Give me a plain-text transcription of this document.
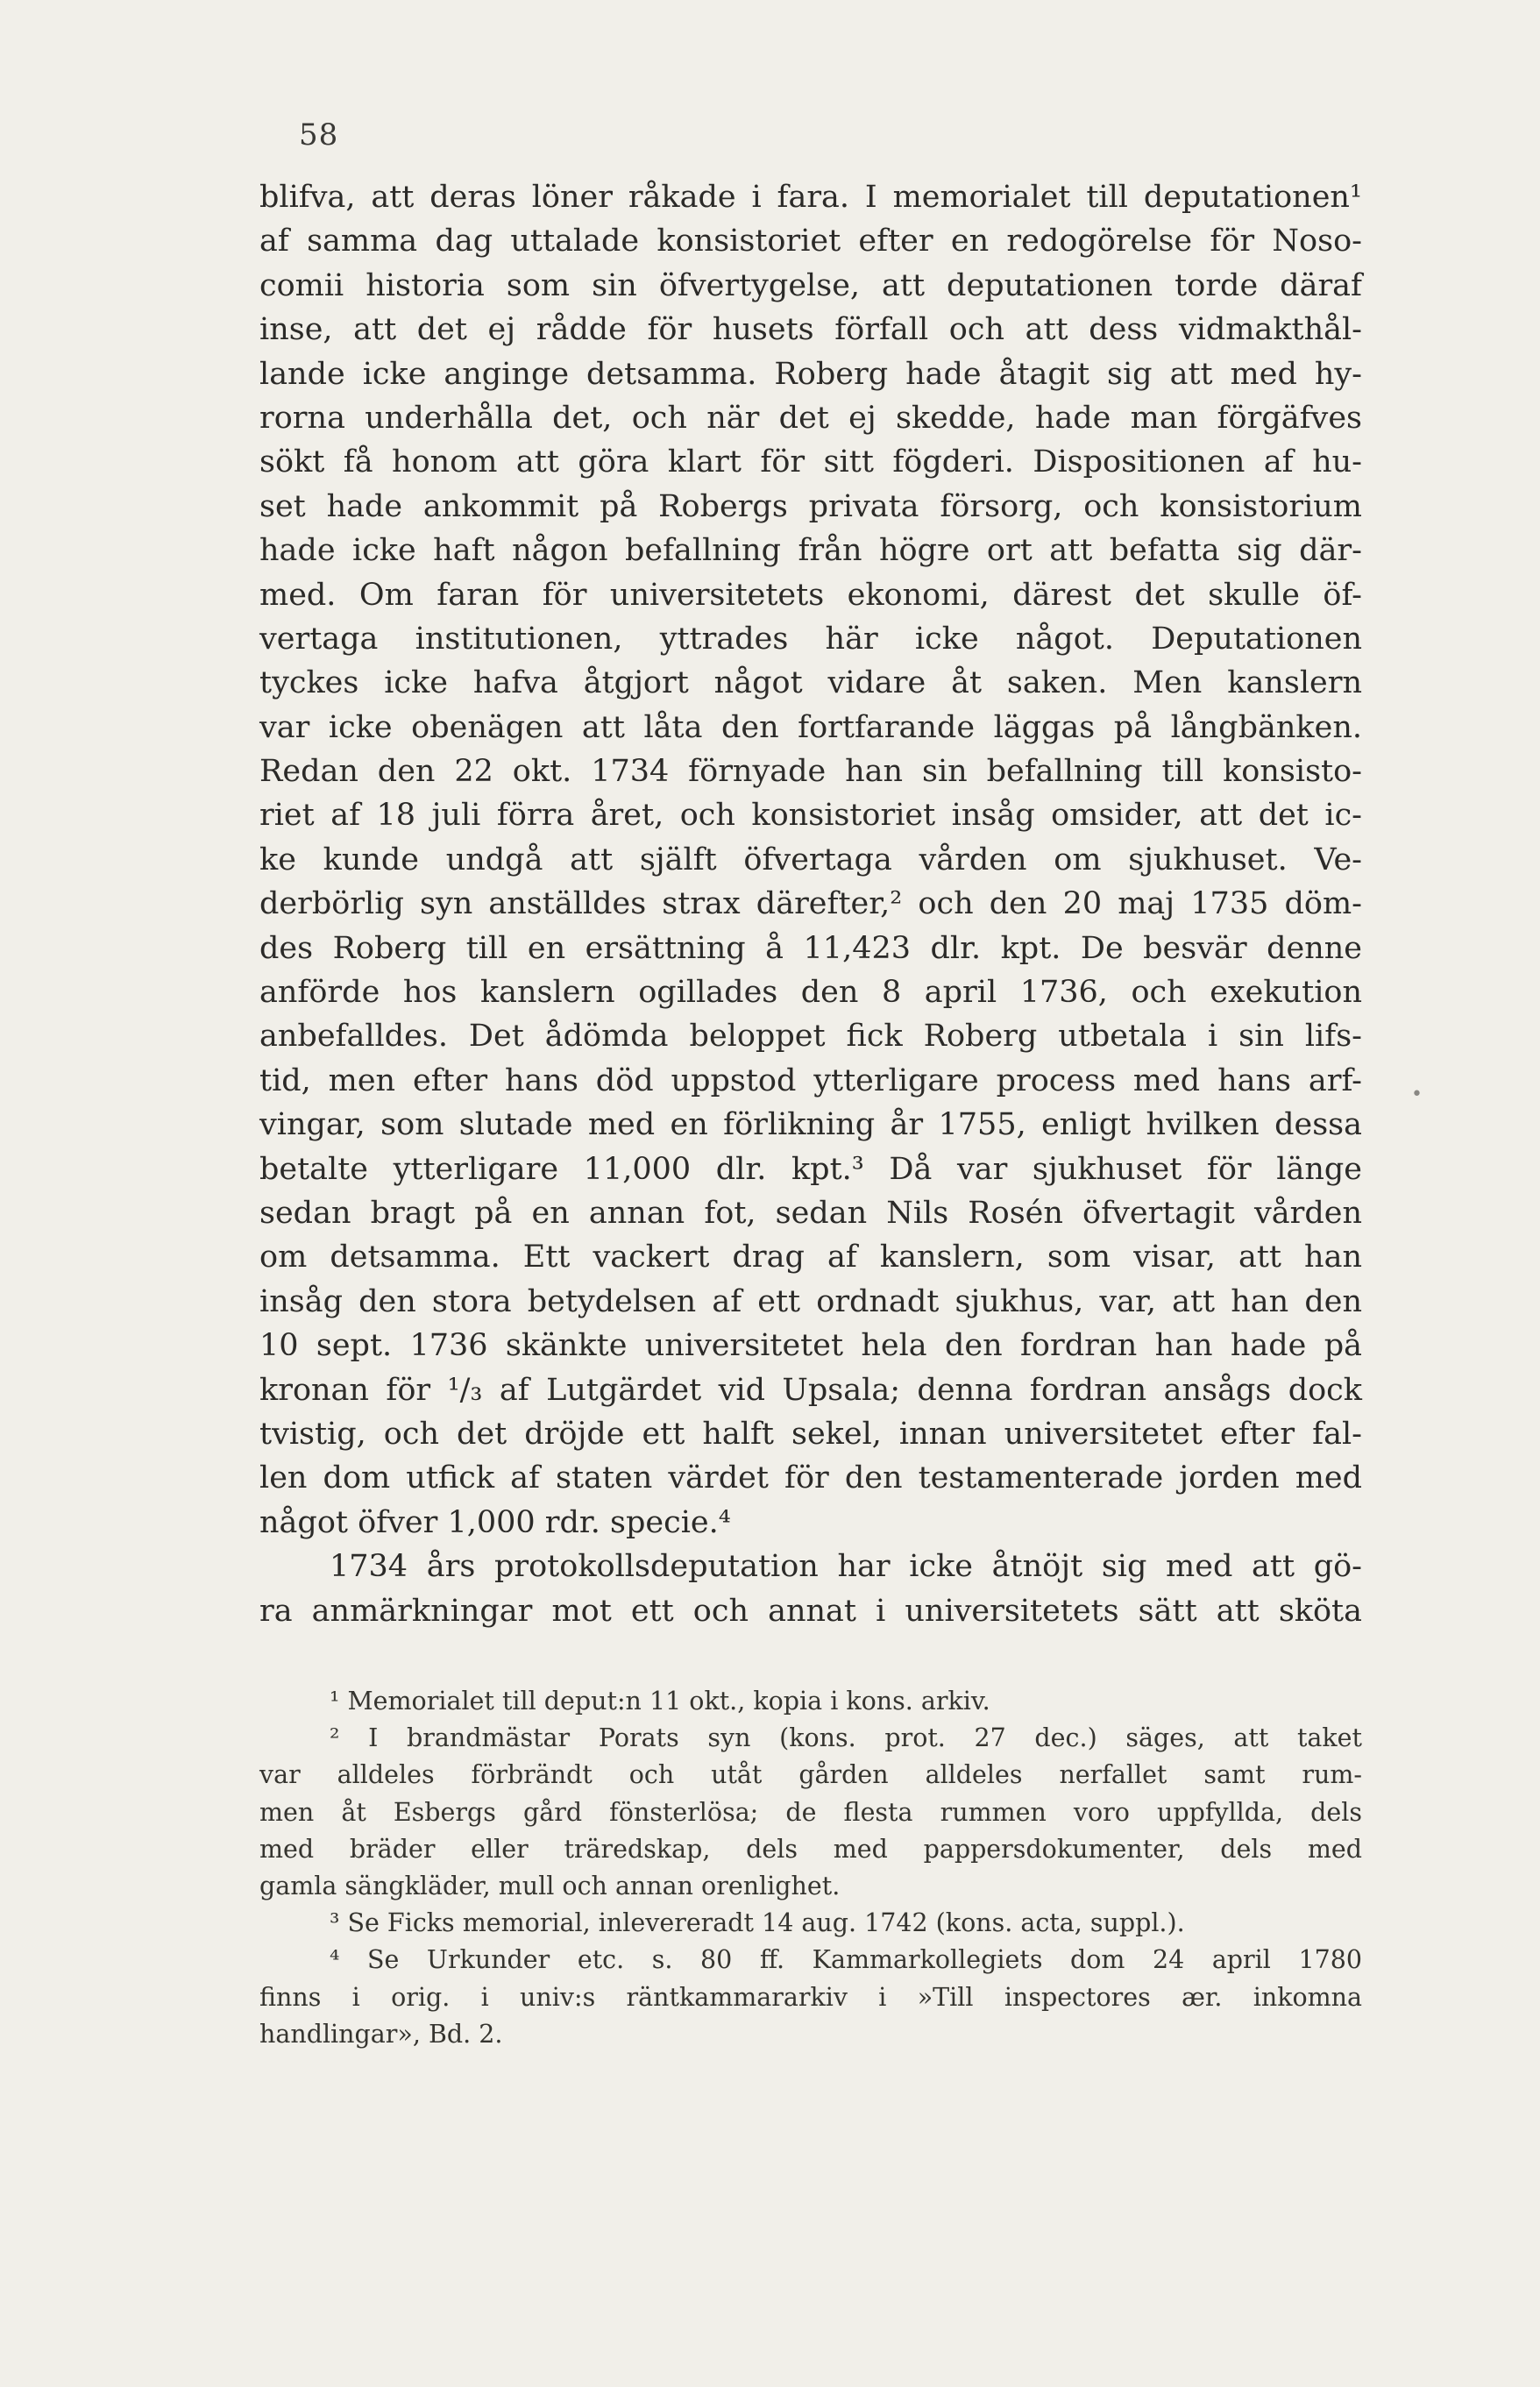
58
blifva, att deras löner råkade i fara. I memorialet till deputationen¹
af samma dag uttalade konsistoriet efter en redogörelse för Noso-
comii historia som sin öfvertygelse, att deputationen torde däraf
inse, att det ej rådde för husets förfall och att dess vidmakthål-
lande icke anginge detsamma. Roberg hade åtagit sig att med hy-
rorna underhålla det, och när det ej skedde, hade man förgäfves
sökt få honom att göra klart för sitt fögderi. Dispositionen af hu-
set hade ankommit på Robergs privata försorg, och konsistorium
hade icke haft någon befallning från högre ort att befatta sig där-
med. Om faran för universitetets ekonomi, därest det skulle öf-
vertaga institutionen, yttrades här icke något. Deputationen
tyckes icke hafva åtgjort något vidare åt saken. Men kanslern
var icke obenägen att låta den fortfarande läggas på långbänken.
Redan den 22 okt. 1734 förnyade han sin befallning till konsisto-
riet af 18 juli förra året, och konsistoriet insåg omsider, att det ic-
ke kunde undgå att själft öfvertaga vården om sjukhuset. Ve-
derbörlig syn anställdes strax därefter,² och den 20 maj 1735 döm-
des Roberg till en ersättning å 11,423 dlr. kpt. De besvär denne
anförde hos kanslern ogillades den 8 april 1736, och exekution
anbefalldes. Det ådömda beloppet fick Roberg utbetala i sin lifs-
tid, men efter hans död uppstod ytterligare process med hans arf-
vingar, som slutade med en förlikning år 1755, enligt hvilken dessa
betalte ytterligare 11,000 dlr. kpt.³ Då var sjukhuset för länge
sedan bragt på en annan fot, sedan Nils Rosén öfvertagit vården
om detsamma. Ett vackert drag af kanslern, som visar, att han
insåg den stora betydelsen af ett ordnadt sjukhus, var, att han den
10 sept. 1736 skänkte universitetet hela den fordran han hade på
kronan för ¹/₃ af Lutgärdet vid Upsala; denna fordran ansågs dock
tvistig, och det dröjde ett halft sekel, innan universitetet efter fal-
len dom utfick af staten värdet för den testamenterade jorden med
något öfver 1,000 rdr. specie.⁴
1734 års protokollsdeputation har icke åtnöjt sig med att gö-
ra anmärkningar mot ett och annat i universitetets sätt att sköta
•
¹ Memorialet till deput:n 11 okt., kopia i kons. arkiv.
² I brandmästar Porats syn (kons. prot. 27 dec.) säges, att taket
var alldeles förbrändt och utåt gården alldeles nerfallet samt rum-
men åt Esbergs gård fönsterlösa; de flesta rummen voro uppfyllda, dels
med bräder eller träredskap, dels med pappersdokumenter, dels med
gamla sängkläder, mull och annan orenlighet.
³ Se Ficks memorial, inlevereradt 14 aug. 1742 (kons. acta, suppl.).
⁴ Se Urkunder etc. s. 80 ff. Kammarkollegiets dom 24 april 1780
finns i orig. i univ:s räntkammararkiv i »Till inspectores ær. inkomna
handlingar», Bd. 2.
